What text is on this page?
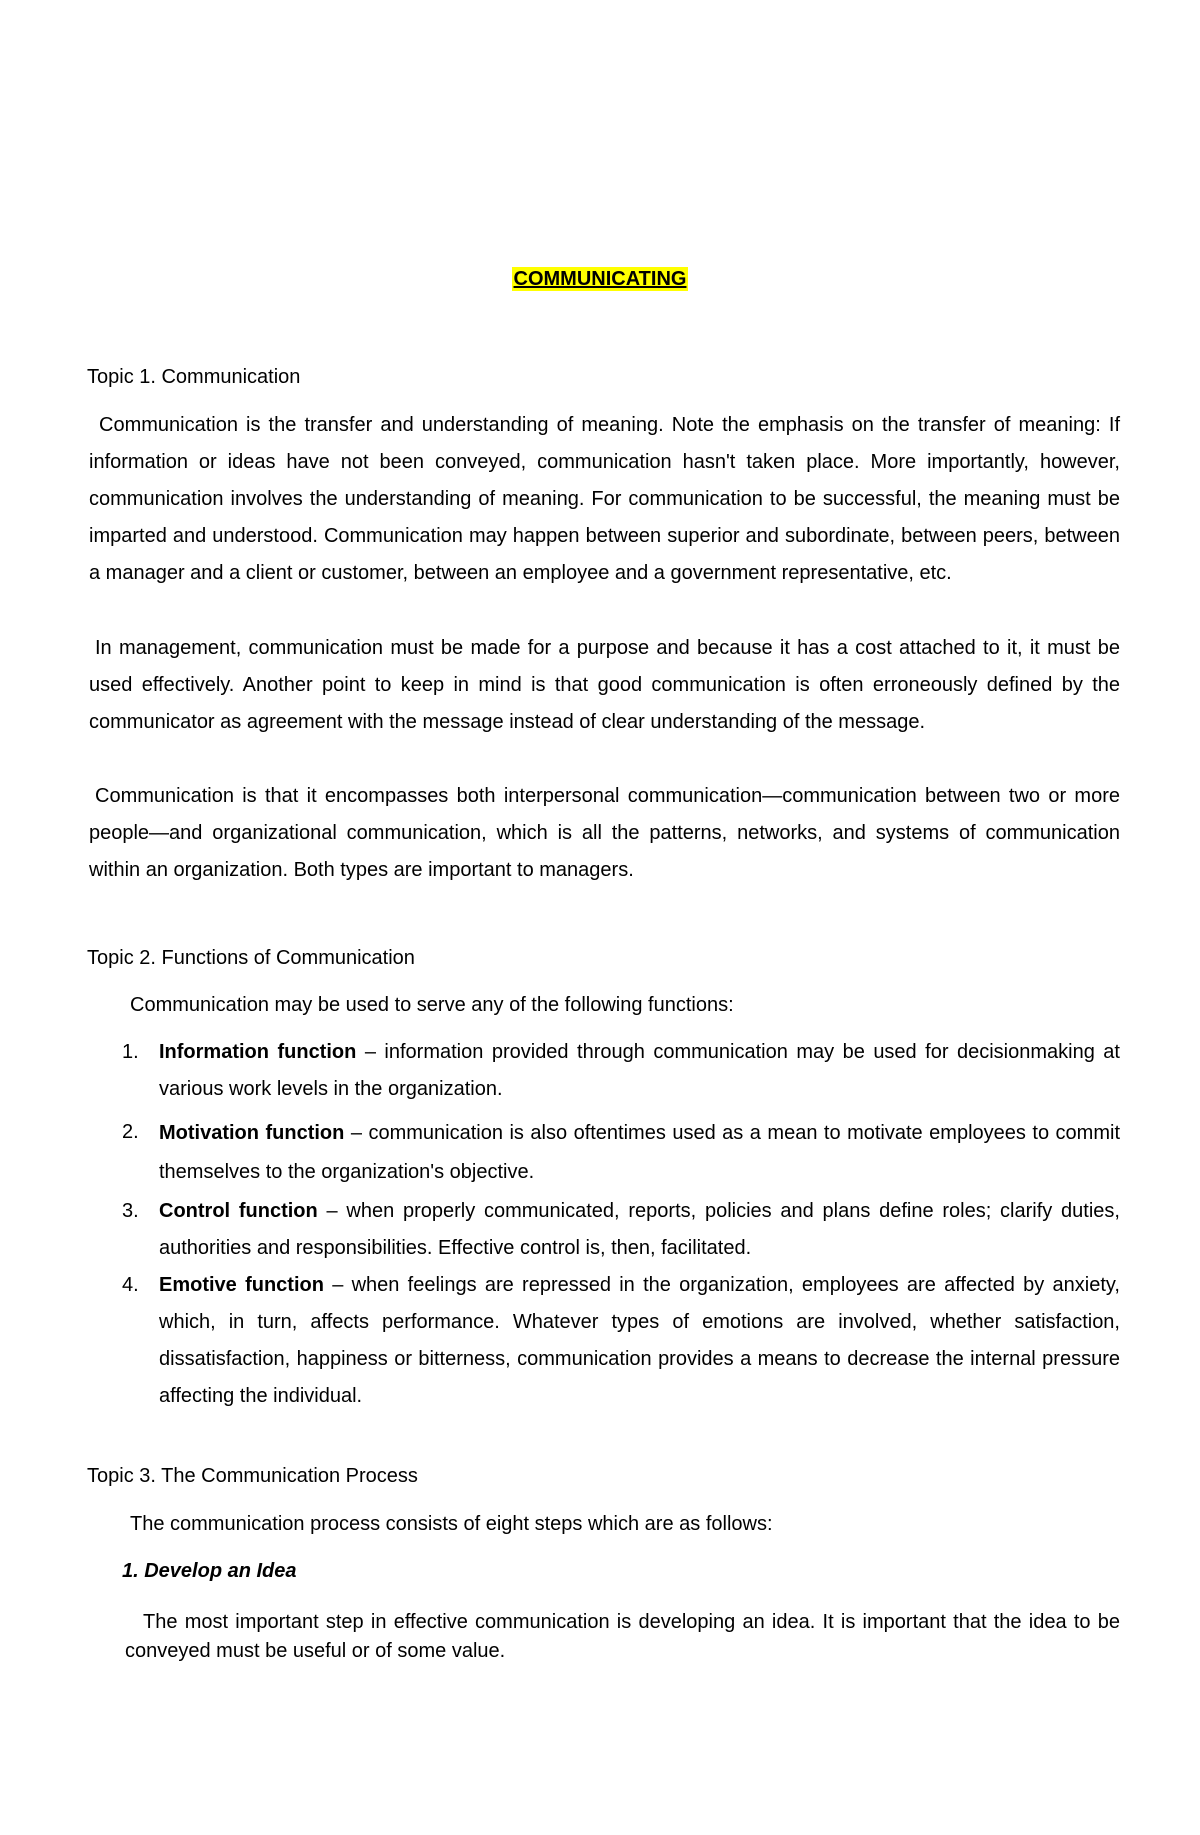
COMMUNICATING
Topic 1. Communication

Communication is the transfer and understanding of meaning. Note the emphasis on the transfer of meaning: If information or ideas have not been conveyed, communication hasn't taken place. More importantly, however, communication involves the understanding of meaning. For communication to be successful, the meaning must be imparted and understood. Communication may happen between superior and subordinate, between peers, between a manager and a client or customer, between an employee and a government representative, etc.

In management, communication must be made for a purpose and because it has a cost attached to it, it must be used effectively. Another point to keep in mind is that good communication is often erroneously defined by the communicator as agreement with the message instead of clear understanding of the message.

Communication is that it encompasses both interpersonal communication—communication between two or more people—and organizational communication, which is all the patterns, networks, and systems of communication within an organization. Both types are important to managers.

Topic 2. Functions of Communication
Communication may be used to serve any of the following functions:
1.	Information function – information provided through communication may be used for decisionmaking at various work levels in the organization.
2.	Motivation function – communication is also oftentimes used as a mean to motivate employees to commit themselves to the organization's objective.
3.	Control function – when properly communicated, reports, policies and plans define roles; clarify duties, authorities and responsibilities. Effective control is, then, facilitated.
4.	Emotive function – when feelings are repressed in the organization, employees are affected by anxiety, which, in turn, affects performance. Whatever types of emotions are involved, whether satisfaction, dissatisfaction, happiness or bitterness, communication provides a means to decrease the internal pressure affecting the individual.
Topic 3. The Communication Process
The communication process consists of eight steps which are as follows:
1. Develop an Idea

The most important step in effective communication is developing an idea. It is important that the idea to be conveyed must be useful or of some value.
